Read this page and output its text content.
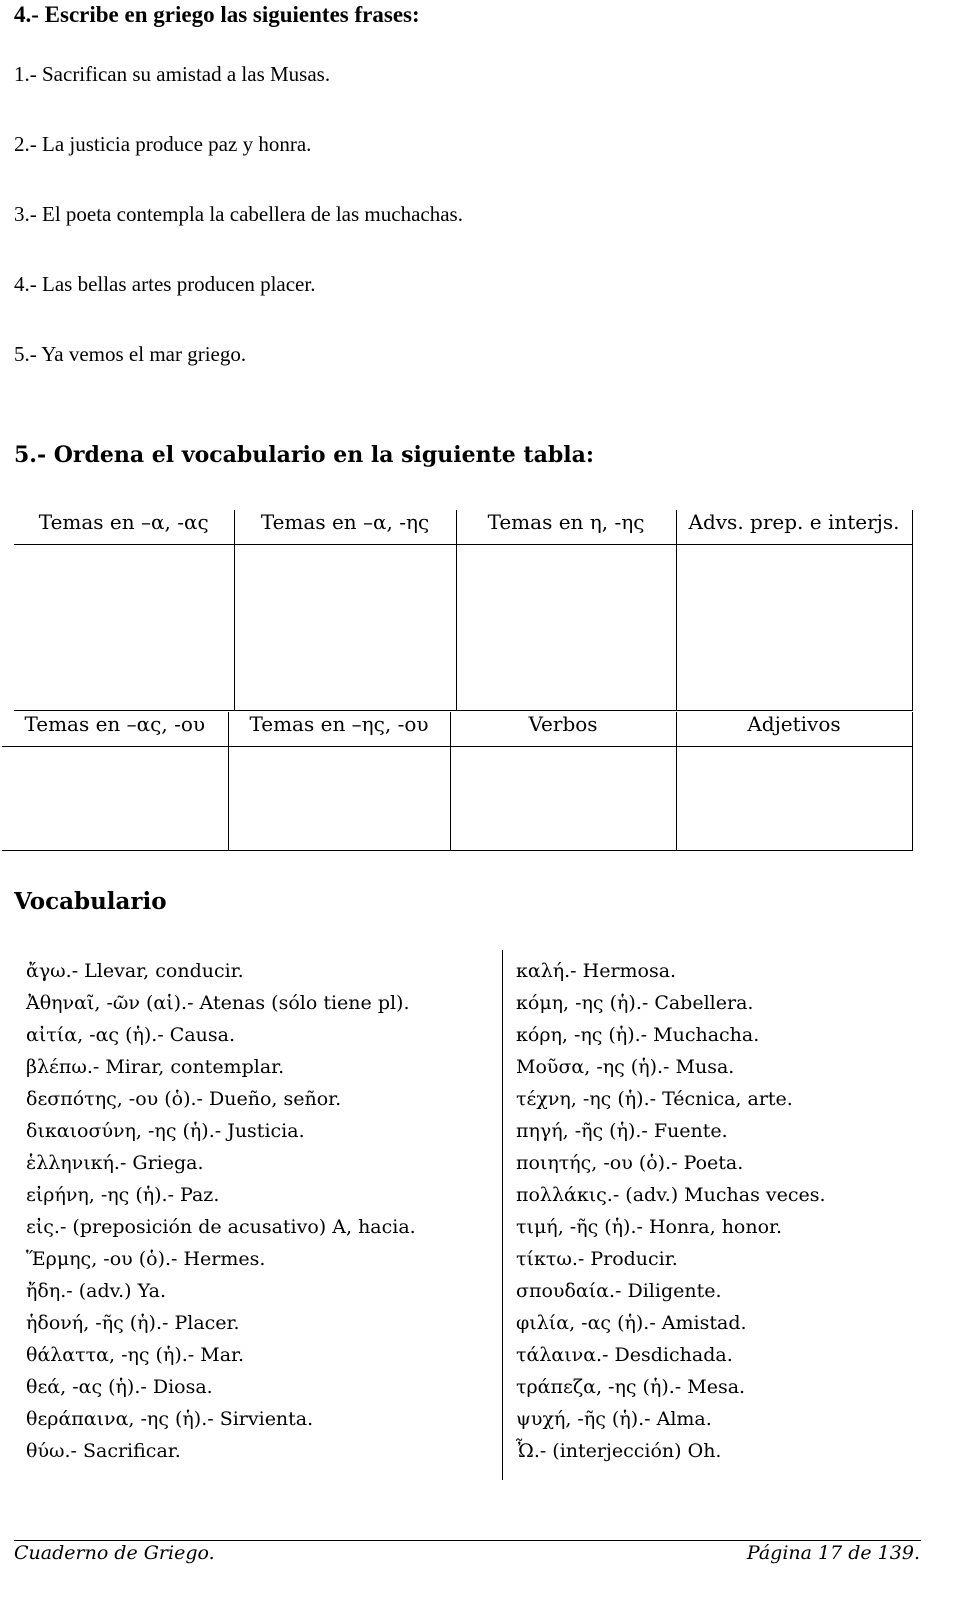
4.- Escribe en griego las siguientes frases:
1.- Sacrifican su amistad a las Musas.
2.- La justicia produce paz y honra.
3.- El poeta contempla la cabellera de las muchachas.
4.- Las bellas artes producen placer.
5.- Ya vemos el mar griego.
5.- Ordena el vocabulario en la siguiente tabla:
Temas en –α, -ας	Temas en –α, -ης	Temas en η, -ης	Advs. prep. e interjs.

Temas en –ας, -ου	Temas en –ης, -ου	Verbos	Adjetivos

Vocabulario
ἄγω.- Llevar, conducir.
Ἀθηναῖ, -ῶν (αἱ).- Atenas (sólo tiene pl).
αἰτία, -ας (ἡ).- Causa.
βλέπω.- Mirar, contemplar.
δεσπότης, -ου (ὁ).- Dueño, señor.
δικαιοσύνη, -ης (ἡ).- Justicia.
ἑλληνική.- Griega.
εἰρήνη, -ης (ἡ).- Paz.
εἰς.- (preposición de acusativo) A, hacia.
Ἕρμης, -ου (ὁ).- Hermes.
ἤδη.- (adv.) Ya.
ἡδονή, -ῆς (ἡ).- Placer.
θάλαττα, -ης (ἡ).- Mar.
θεά, -ας (ἡ).- Diosa.
θεράπαινα, -ης (ἡ).- Sirvienta.
θύω.- Sacrificar.
καλή.- Hermosa.
κόμη, -ης (ἡ).- Cabellera.
κόρη, -ης (ἡ).- Muchacha.
Μοῦσα, -ης (ἡ).- Musa.
τέχνη, -ης (ἡ).- Técnica, arte.
πηγή, -ῆς (ἡ).- Fuente.
ποιητής, -ου (ὁ).- Poeta.
πολλάκις.- (adv.) Muchas veces.
τιμή, -ῆς (ἡ).- Honra, honor.
τίκτω.- Producir.
σπουδαία.- Diligente.
φιλία, -ας (ἡ).- Amistad.
τάλαινα.- Desdichada.
τράπεζα, -ης (ἡ).- Mesa.
ψυχή, -ῆς (ἡ).- Alma.
Ὦ.- (interjección) Oh.
Cuaderno de Griego.	Página 17 de 139.
